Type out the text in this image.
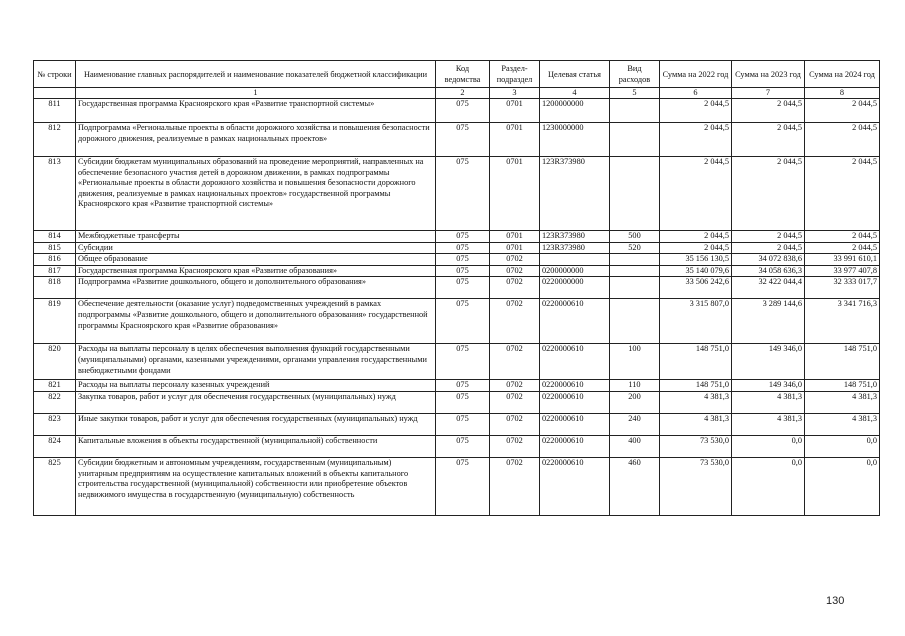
№ строки	Наименование главных распорядителей и наименование показателей бюджетной классификации	Код ведомства	Раздел-подраздел	Целевая статья	Вид расходов	Сумма на 2022 год	Сумма на 2023 год	Сумма на 2024 год
	1	2	3	4	5	6	7	8
811	Государственная программа Красноярского края «Развитие транспортной системы»	075	0701	1200000000		2 044,5	2 044,5	2 044,5
812	Подпрограмма «Региональные проекты в области дорожного хозяйства и повышения безопасности дорожного движения, реализуемые в рамках национальных проектов»	075	0701	1230000000		2 044,5	2 044,5	2 044,5
813	Субсидии бюджетам муниципальных образований на проведение мероприятий, направленных на обеспечение безопасного участия детей в дорожном движении, в рамках подпрограммы «Региональные проекты в области дорожного хозяйства и повышения безопасности дорожного движения, реализуемые в рамках национальных проектов» государственной программы Красноярского края «Развитие транспортной системы»	075	0701	123R373980		2 044,5	2 044,5	2 044,5
814	Межбюджетные трансферты	075	0701	123R373980	500	2 044,5	2 044,5	2 044,5
815	Субсидии	075	0701	123R373980	520	2 044,5	2 044,5	2 044,5
816	Общее образование	075	0702			35 156 130,5	34 072 838,6	33 991 610,1
817	Государственная программа Красноярского края «Развитие образования»	075	0702	0200000000		35 140 079,6	34 058 636,3	33 977 407,8
818	Подпрограмма «Развитие дошкольного, общего и дополнительного образования»	075	0702	0220000000		33 506 242,6	32 422 044,4	32 333 017,7
819	Обеспечение деятельности (оказание услуг) подведомственных учреждений в рамках подпрограммы «Развитие дошкольного, общего и дополнительного образования» государственной программы Красноярского края «Развитие образования»	075	0702	0220000610		3 315 807,0	3 289 144,6	3 341 716,3
820	Расходы на выплаты персоналу в целях обеспечения выполнения функций государственными (муниципальными) органами, казенными учреждениями, органами управления государственными внебюджетными фондами	075	0702	0220000610	100	148 751,0	149 346,0	148 751,0
821	Расходы на выплаты персоналу казенных учреждений	075	0702	0220000610	110	148 751,0	149 346,0	148 751,0
822	Закупка товаров, работ и услуг для обеспечения государственных (муниципальных) нужд	075	0702	0220000610	200	4 381,3	4 381,3	4 381,3
823	Иные закупки товаров, работ и услуг для обеспечения государственных (муниципальных) нужд	075	0702	0220000610	240	4 381,3	4 381,3	4 381,3
824	Капитальные вложения в объекты государственной (муниципальной) собственности	075	0702	0220000610	400	73 530,0	0,0	0,0
825	Субсидии бюджетным и автономным учреждениям, государственным (муниципальным) унитарным предприятиям на осуществление капитальных вложений в объекты капитального строительства государственной (муниципальной) собственности или приобретение объектов недвижимого имущества в государственную (муниципальную) собственность	075	0702	0220000610	460	73 530,0	0,0	0,0
130
